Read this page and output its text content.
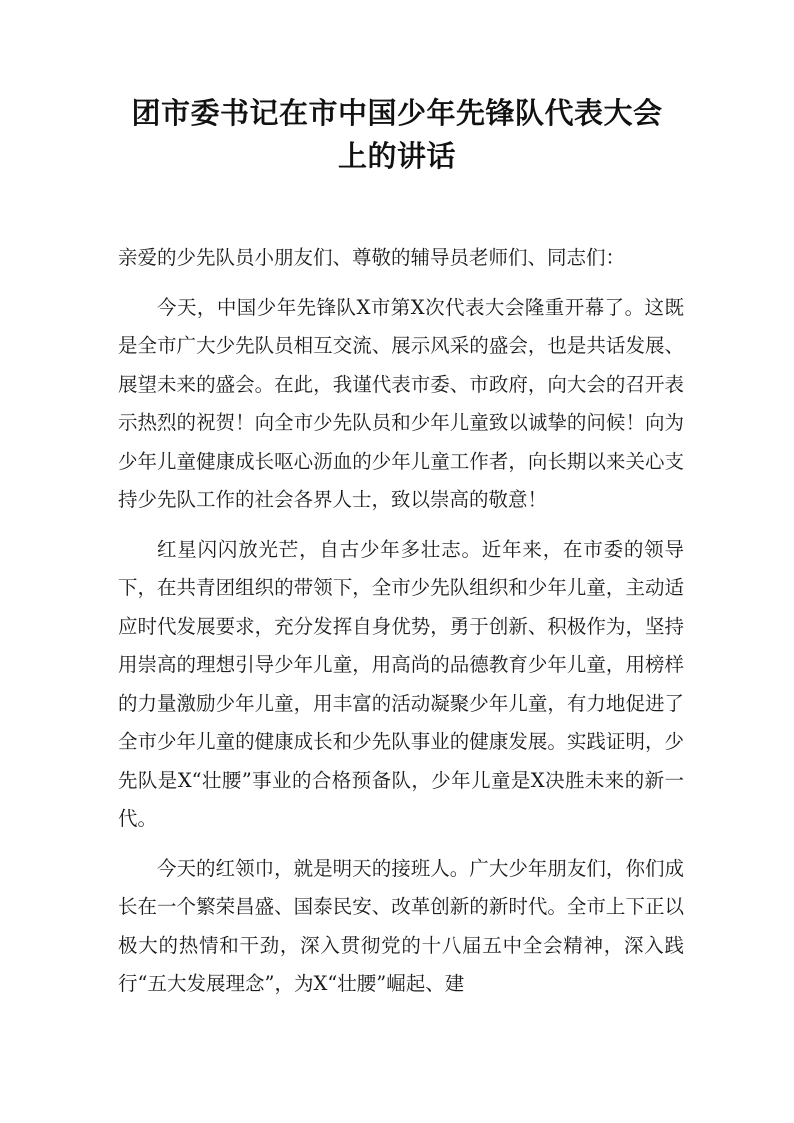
团市委书记在市中国少年先锋队代表大会
上的讲话

亲爱的少先队员小朋友们、尊敬的辅导员老师们、同志们：

今天，中国少年先锋队X市第X次代表大会隆重开幕了。这既是全市广大少先队员相互交流、展示风采的盛会，也是共话发展、展望未来的盛会。在此，我谨代表市委、市政府，向大会的召开表示热烈的祝贺！向全市少先队员和少年儿童致以诚挚的问候！向为少年儿童健康成长呕心沥血的少年儿童工作者，向长期以来关心支持少先队工作的社会各界人士，致以崇高的敬意！

红星闪闪放光芒，自古少年多壮志。近年来，在市委的领导下，在共青团组织的带领下，全市少先队组织和少年儿童，主动适应时代发展要求，充分发挥自身优势，勇于创新、积极作为，坚持用崇高的理想引导少年儿童，用高尚的品德教育少年儿童，用榜样的力量激励少年儿童，用丰富的活动凝聚少年儿童，有力地促进了全市少年儿童的健康成长和少先队事业的健康发展。实践证明，少先队是X“壮腰”事业的合格预备队，少年儿童是X决胜未来的新一代。

今天的红领巾，就是明天的接班人。广大少年朋友们，你们成长在一个繁荣昌盛、国泰民安、改革创新的新时代。全市上下正以极大的热情和干劲，深入贯彻党的十八届五中全会精神，深入践行“五大发展理念”，为X“壮腰”崛起、建
